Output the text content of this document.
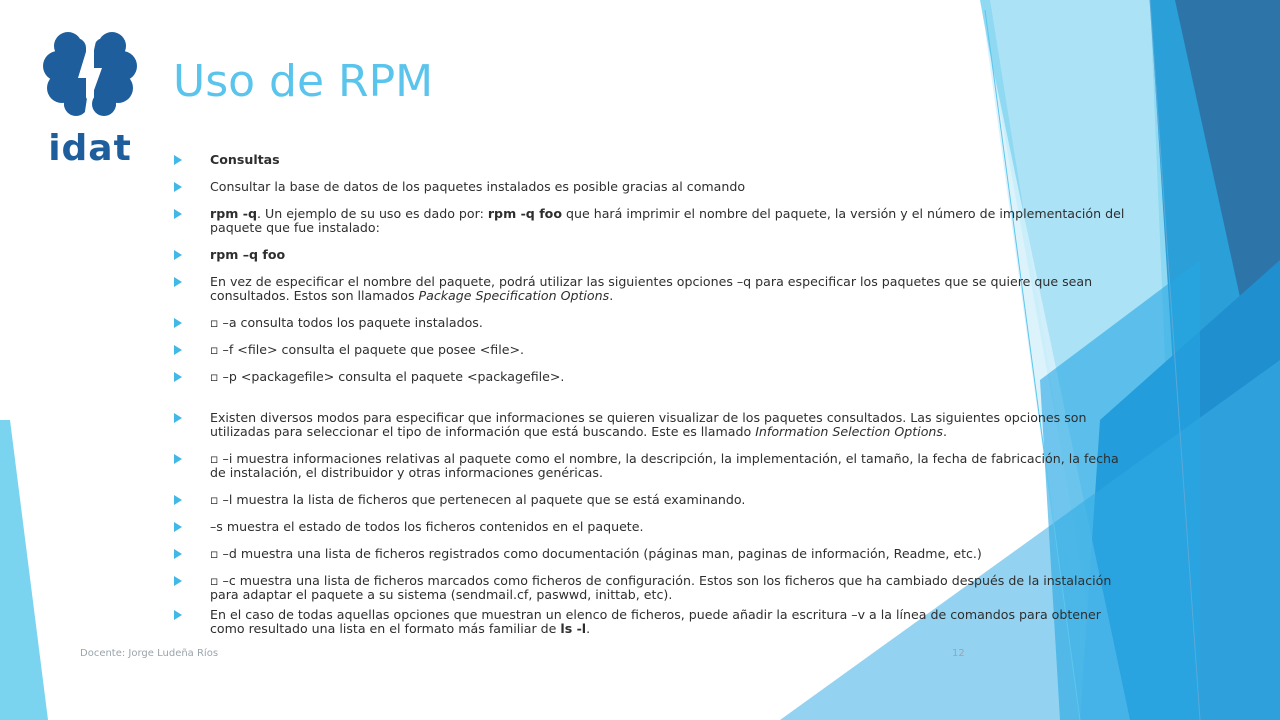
idat
Uso de RPM
Consultas
Consultar la base de datos de los paquetes instalados es posible gracias al comando
rpm -q. Un ejemplo de su uso es dado por: rpm -q foo que hará imprimir el nombre del paquete, la versión y el número de implementación del paquete que fue instalado:
rpm –q foo
En vez de especificar el nombre del paquete, podrá utilizar las siguientes opciones –q para especificar los paquetes que se quiere que sean consultados. Estos son llamados Package Specification Options.
▫ –a consulta todos los paquete instalados.
▫ –f <file> consulta el paquete que posee <file>.
▫ –p <packagefile> consulta el paquete <packagefile>.
Existen diversos modos para especificar que informaciones se quieren visualizar de los paquetes consultados. Las siguientes opciones son utilizadas para seleccionar el tipo de información que está buscando. Este es llamado Information Selection Options.
▫ –i muestra informaciones relativas al paquete como el nombre, la descripción, la implementación, el tamaño, la fecha de fabricación, la fecha de instalación, el distribuidor y otras informaciones genéricas.
▫ –l muestra la lista de ficheros que pertenecen al paquete que se está examinando.
–s muestra el estado de todos los ficheros contenidos en el paquete.
▫ –d muestra una lista de ficheros registrados como documentación (páginas man, paginas de información, Readme, etc.)
▫ –c muestra una lista de ficheros marcados como ficheros de configuración. Estos son los ficheros que ha cambiado después de la instalación para adaptar el paquete a su sistema (sendmail.cf, paswwd, inittab, etc).
En el caso de todas aquellas opciones que muestran un elenco de ficheros, puede añadir la escritura –v a la línea de comandos para obtener como resultado una lista en el formato más familiar de ls -l.
Docente: Jorge Ludeña Ríos	12
